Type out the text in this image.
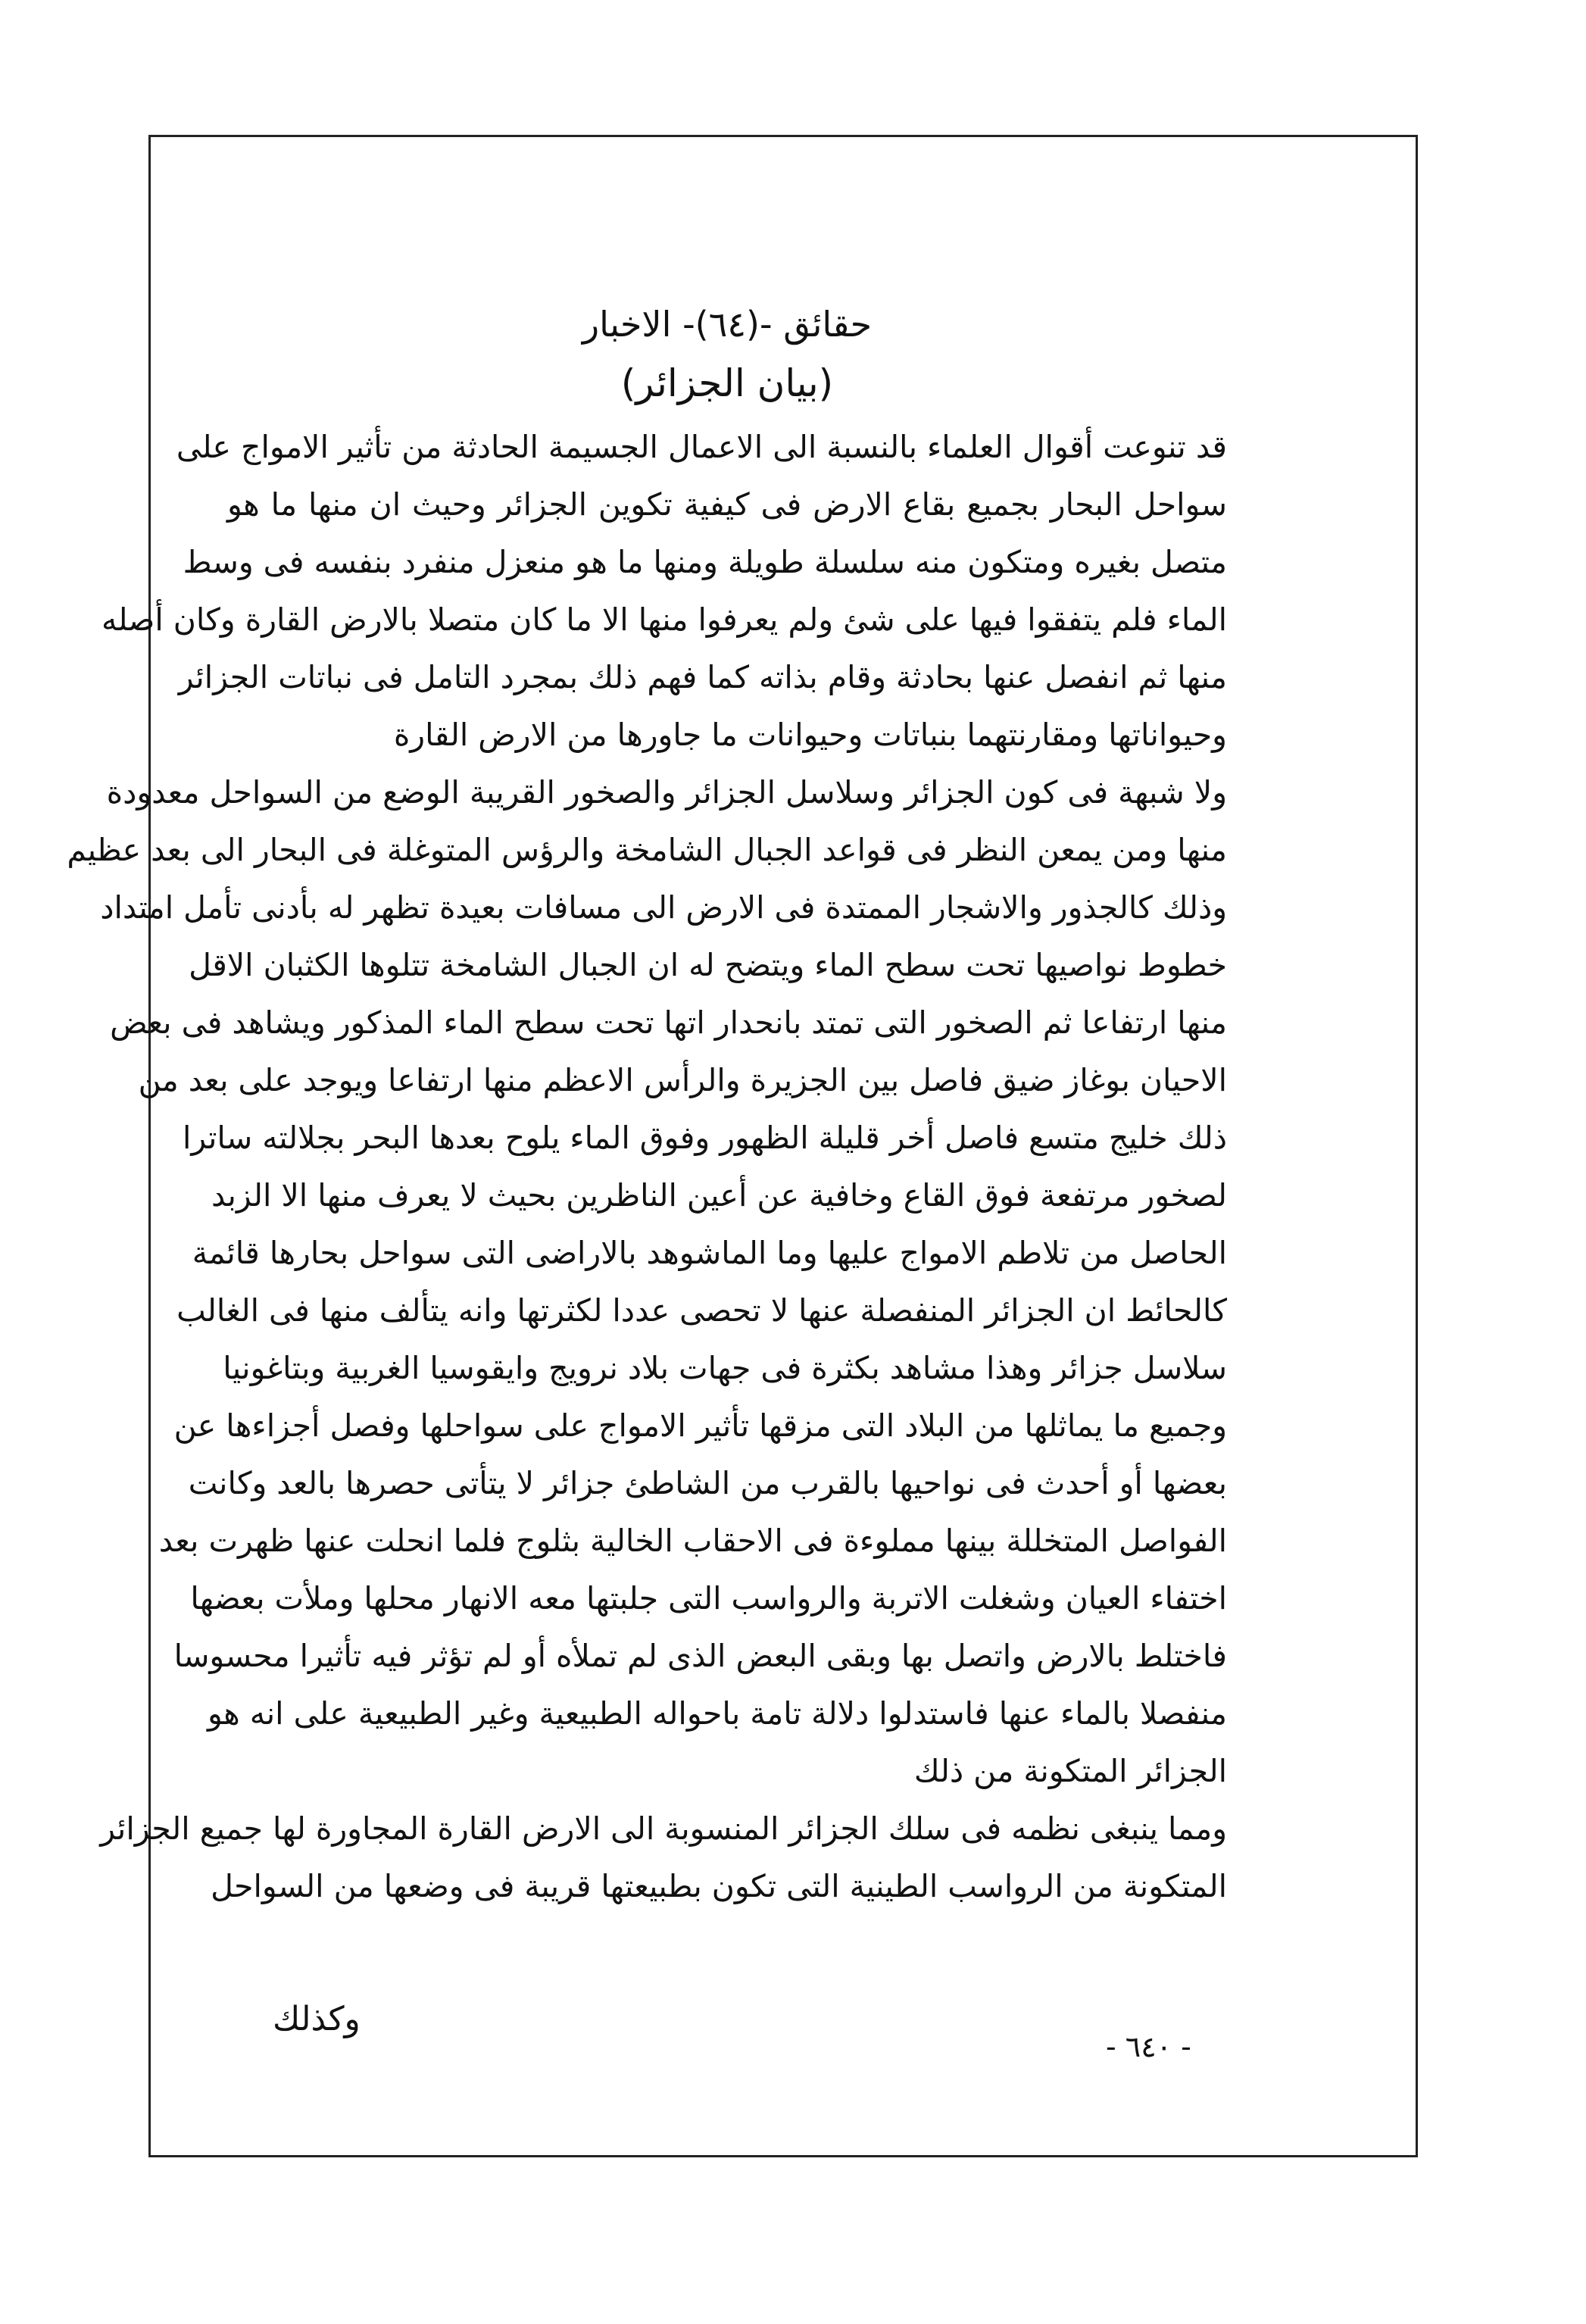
حقائق -(٦٤)- الاخبار

(بيان الجزائر)

قد تنوعت أقوال العلماء بالنسبة الى الاعمال الجسيمة الحادثة من تأثير الامواج على

سواحل البحار بجميع بقاع الارض فى كيفية تكوين الجزائر وحيث ان منها ما هو

متصل بغيره ومتكون منه سلسلة طويلة ومنها ما هو منعزل منفرد بنفسه فى وسط

الماء فلم يتفقوا فيها على شئ ولم يعرفوا منها الا ما كان متصلا بالارض القارة وكان أصله

منها ثم انفصل عنها بحادثة وقام بذاته كما فهم ذلك بمجرد التامل فى نباتات الجزائر

وحيواناتها ومقارنتهما بنباتات وحيوانات ما جاورها من الارض القارة

ولا شبهة فى كون الجزائر وسلاسل الجزائر والصخور القريبة الوضع من السواحل معدودة

منها ومن يمعن النظر فى قواعد الجبال الشامخة والرؤس المتوغلة فى البحار الى بعد عظيم

وذلك كالجذور والاشجار الممتدة فى الارض الى مسافات بعيدة تظهر له بأدنى تأمل امتداد

خطوط نواصيها تحت سطح الماء ويتضح له ان الجبال الشامخة تتلوها الكثبان الاقل

منها ارتفاعا ثم الصخور التى تمتد بانحدار اتها تحت سطح الماء المذكور ويشاهد فى بعض

الاحيان بوغاز ضيق فاصل بين الجزيرة والرأس الاعظم منها ارتفاعا ويوجد على بعد من

ذلك خليج متسع فاصل أخر قليلة الظهور وفوق الماء يلوح بعدها البحر بجلالته ساترا

لصخور مرتفعة فوق القاع وخافية عن أعين الناظرين بحيث لا يعرف منها الا الزبد

الحاصل من تلاطم الامواج عليها وما الماشوهد بالاراضى التى سواحل بحارها قائمة

كالحائط ان الجزائر المنفصلة عنها لا تحصى عددا لكثرتها وانه يتألف منها فى الغالب

سلاسل جزائر وهذا مشاهد بكثرة فى جهات بلاد نرويج وايقوسيا الغربية وبتاغونيا

وجميع ما يماثلها من البلاد التى مزقها تأثير الامواج على سواحلها وفصل أجزاءها عن

بعضها أو أحدث فى نواحيها بالقرب من الشاطئ جزائر لا يتأتى حصرها بالعد وكانت

الفواصل المتخللة بينها مملوءة فى الاحقاب الخالية بثلوج فلما انحلت عنها ظهرت بعد

اختفاء العيان وشغلت الاتربة والرواسب التى جلبتها معه الانهار محلها وملأت بعضها

فاختلط بالارض واتصل بها وبقى البعض الذى لم تملأه أو لم تؤثر فيه تأثيرا محسوسا

منفصلا بالماء عنها فاستدلوا دلالة تامة باحواله الطبيعية وغير الطبيعية على انه هو

الجزائر المتكونة من ذلك

ومما ينبغى نظمه فى سلك الجزائر المنسوبة الى الارض القارة المجاورة لها جميع الجزائر

المتكونة من الرواسب الطينية التى تكون بطبيعتها قريبة فى وضعها من السواحل

وكذلك
- ٦٤٠ -
